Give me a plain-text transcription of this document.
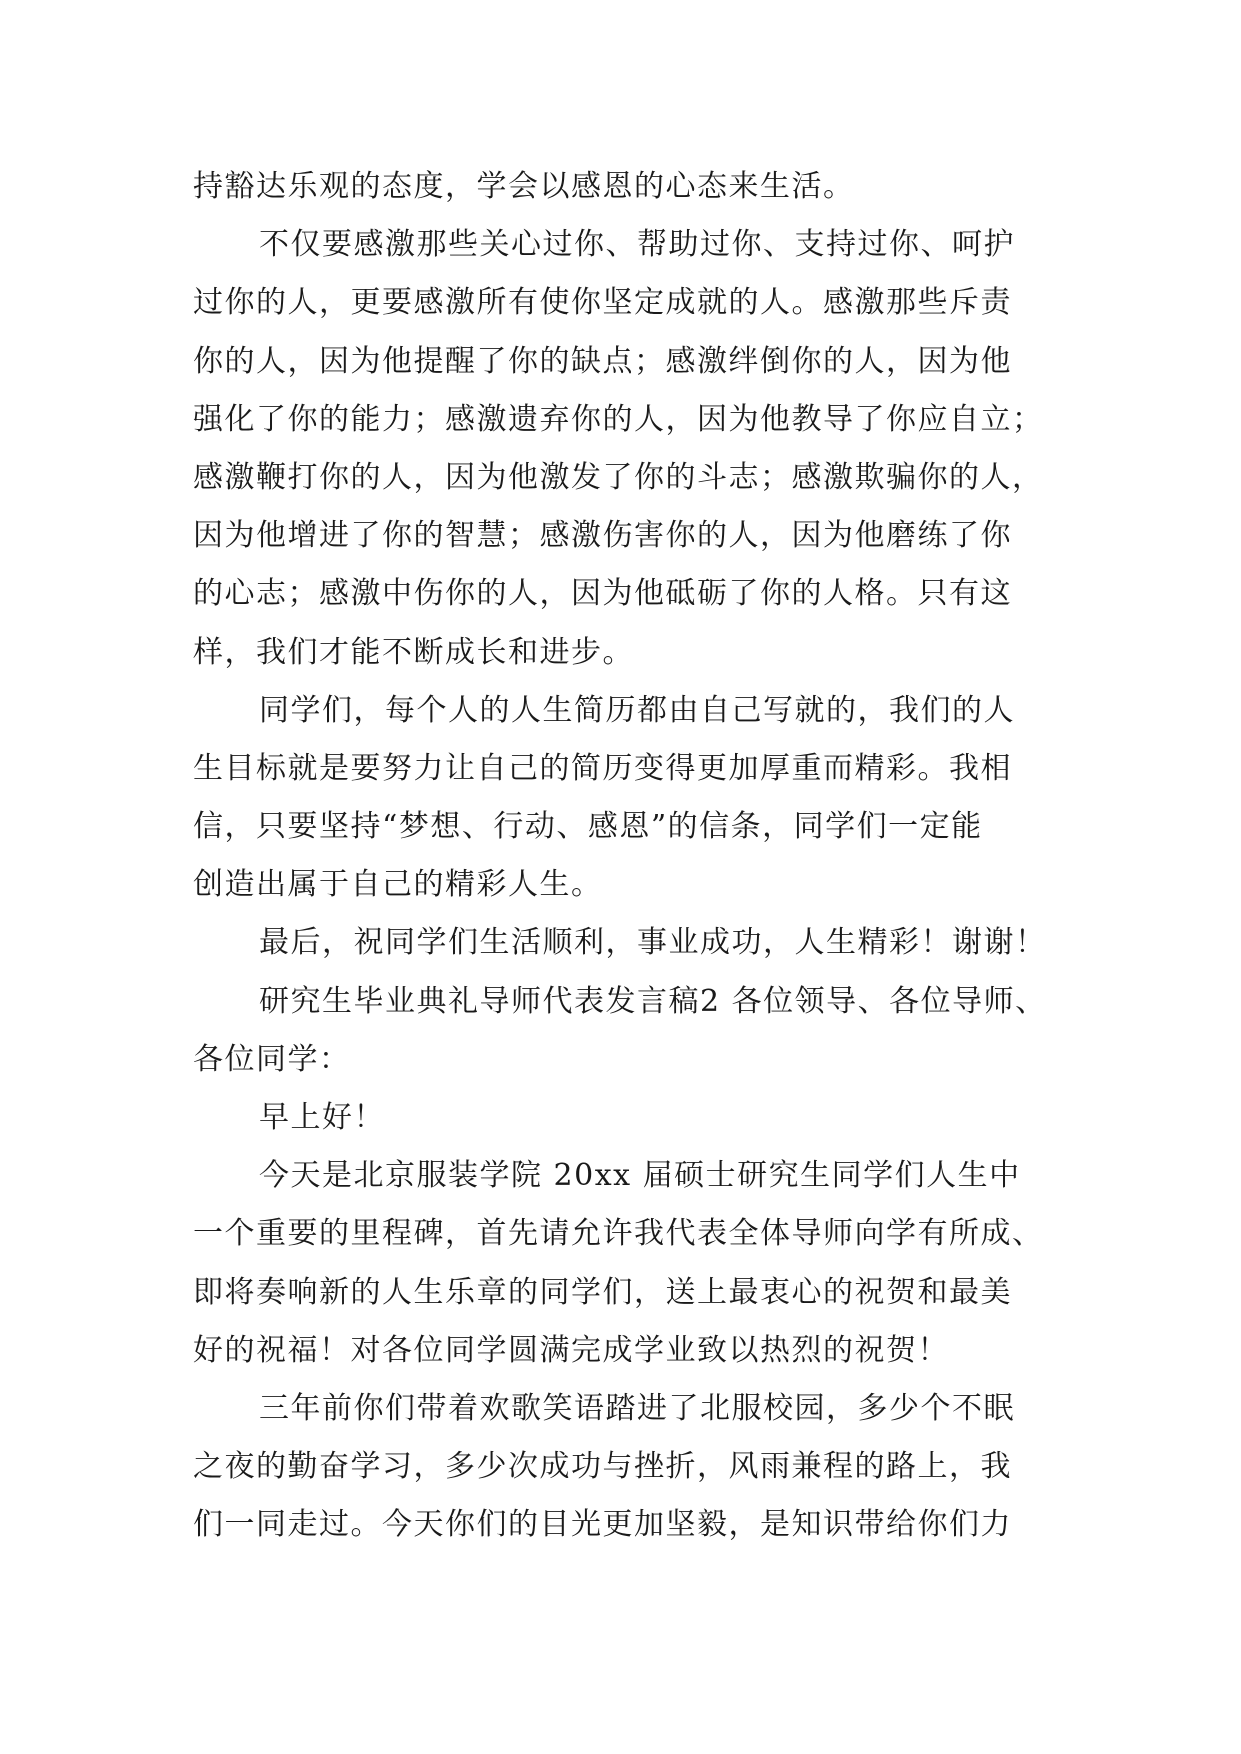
持豁达乐观的态度，学会以感恩的心态来生活。
不仅要感激那些关心过你、帮助过你、支持过你、呵护
过你的人，更要感激所有使你坚定成就的人。感激那些斥责
你的人，因为他提醒了你的缺点；感激绊倒你的人，因为他
强化了你的能力；感激遗弃你的人，因为他教导了你应自立；
感激鞭打你的人，因为他激发了你的斗志；感激欺骗你的人，
因为他增进了你的智慧；感激伤害你的人，因为他磨练了你
的心志；感激中伤你的人，因为他砥砺了你的人格。只有这
样，我们才能不断成长和进步。
同学们，每个人的人生简历都由自己写就的，我们的人
生目标就是要努力让自己的简历变得更加厚重而精彩。我相
信，只要坚持“梦想、行动、感恩”的信条，同学们一定能
创造出属于自己的精彩人生。
最后，祝同学们生活顺利，事业成功，人生精彩！谢谢！
研究生毕业典礼导师代表发言稿2 各位领导、各位导师、
各位同学：
早上好！
今天是北京服装学院 20xx 届硕士研究生同学们人生中
一个重要的里程碑，首先请允许我代表全体导师向学有所成、
即将奏响新的人生乐章的同学们，送上最衷心的祝贺和最美
好的祝福！对各位同学圆满完成学业致以热烈的祝贺！
三年前你们带着欢歌笑语踏进了北服校园，多少个不眠
之夜的勤奋学习，多少次成功与挫折，风雨兼程的路上，我
们一同走过。今天你们的目光更加坚毅，是知识带给你们力
